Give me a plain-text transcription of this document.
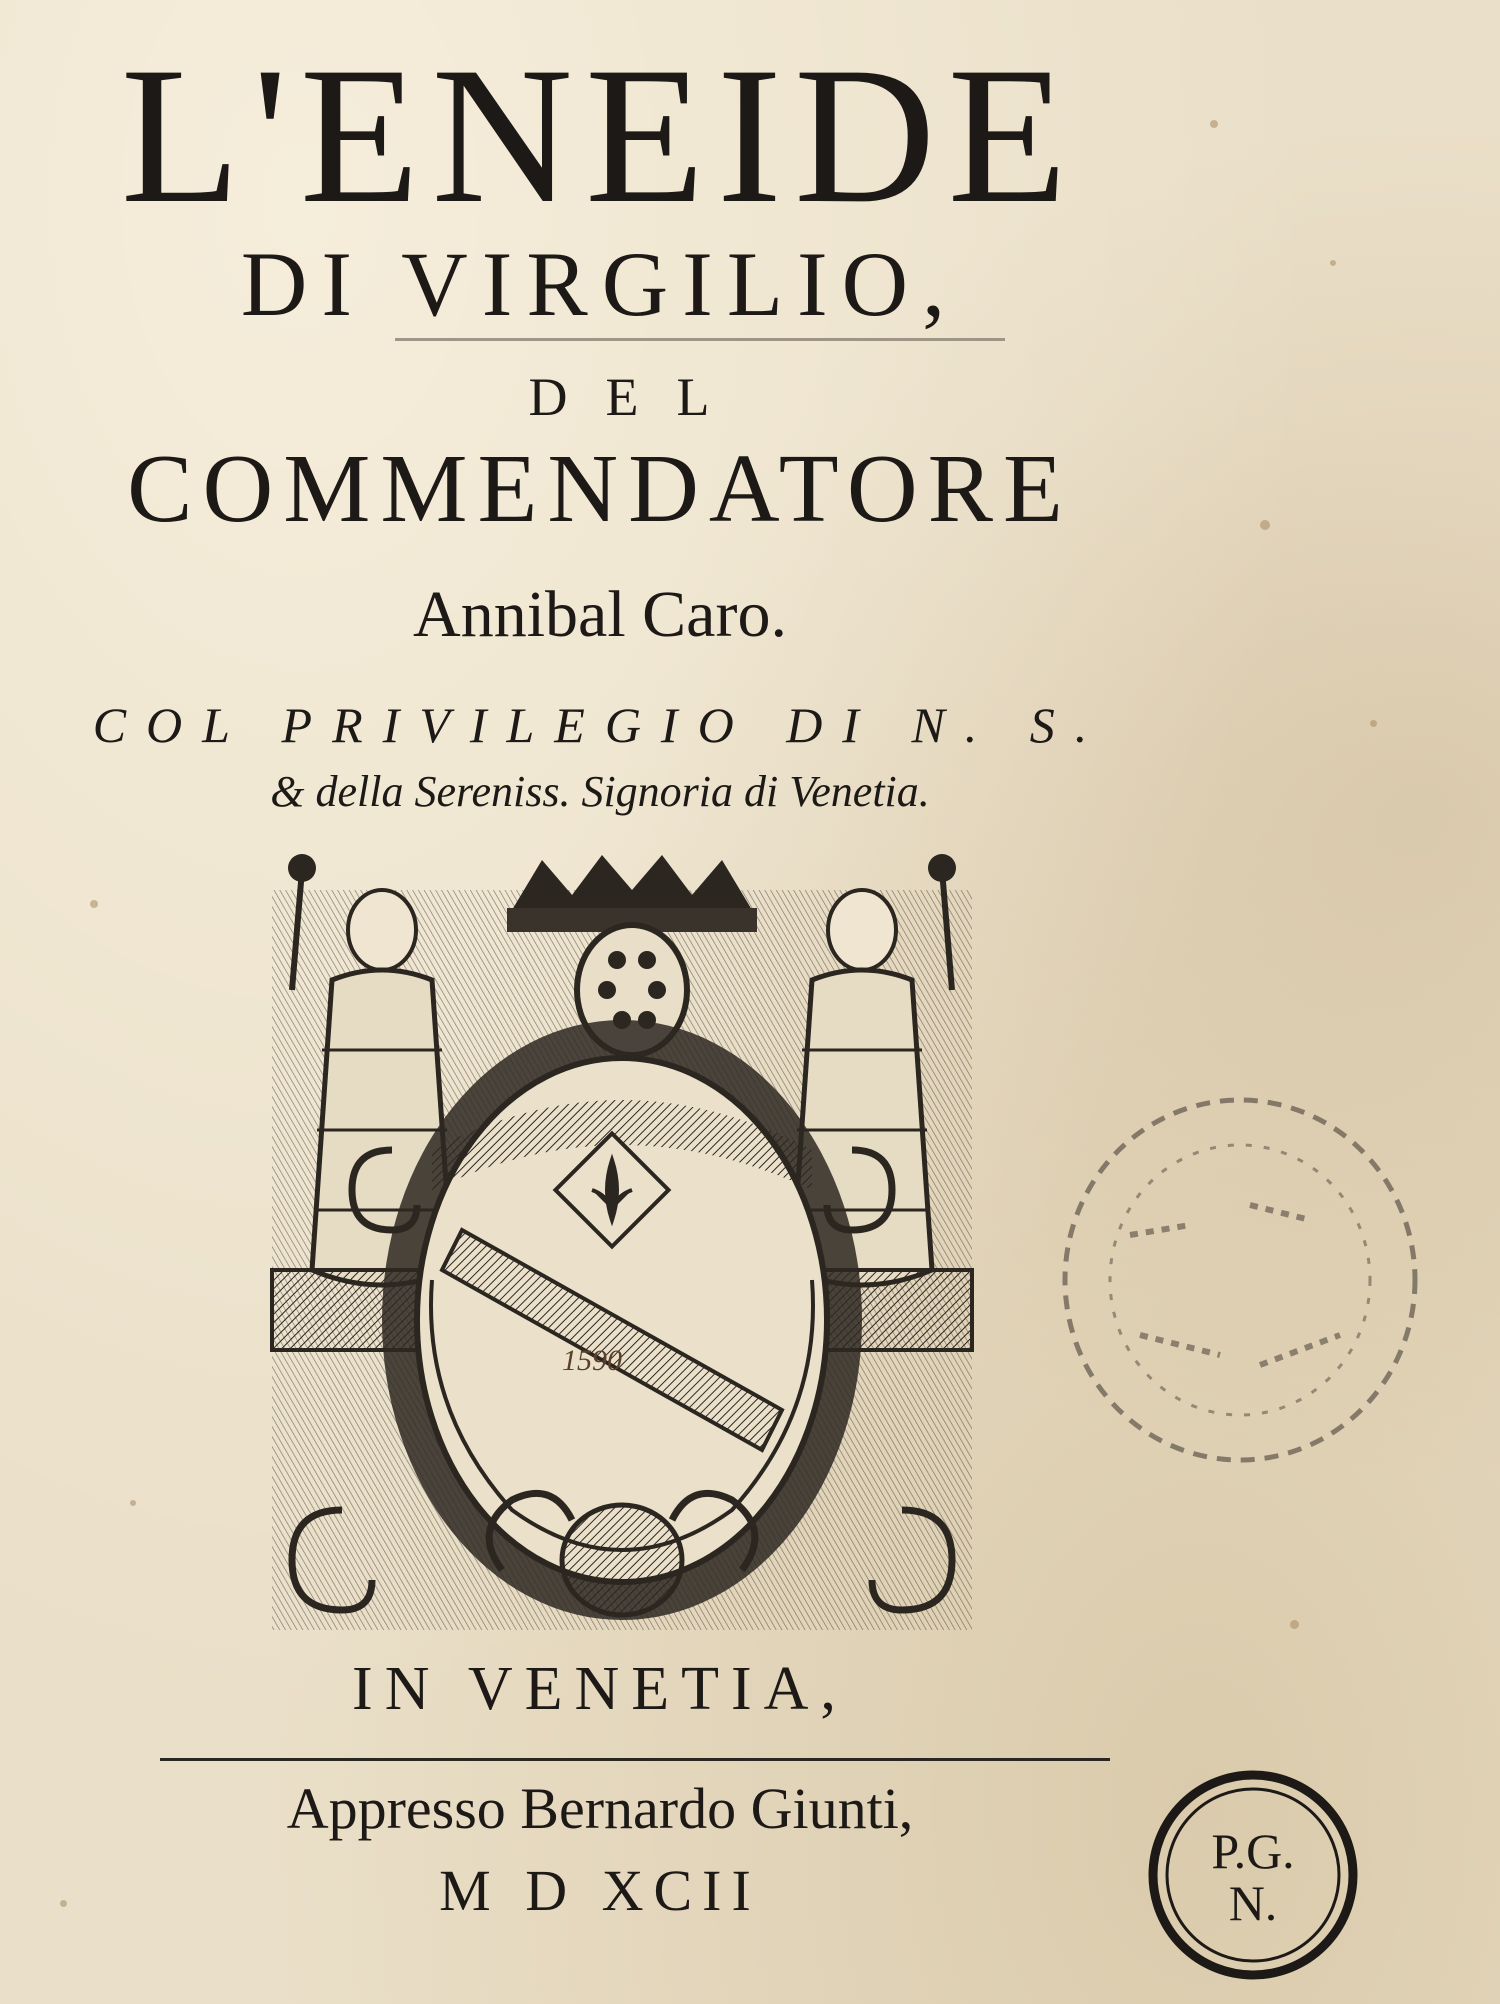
L'ENEIDE
DI VIRGILIO,
DEL
COMMENDATORE
Annibal Caro.
COL PRIVILEGIO DI N. S.
& della Sereniss. Signoria di Venetia.
1590
IN VENETIA,
Appresso Bernardo Giunti,
M D XCII
P.G.
N.
